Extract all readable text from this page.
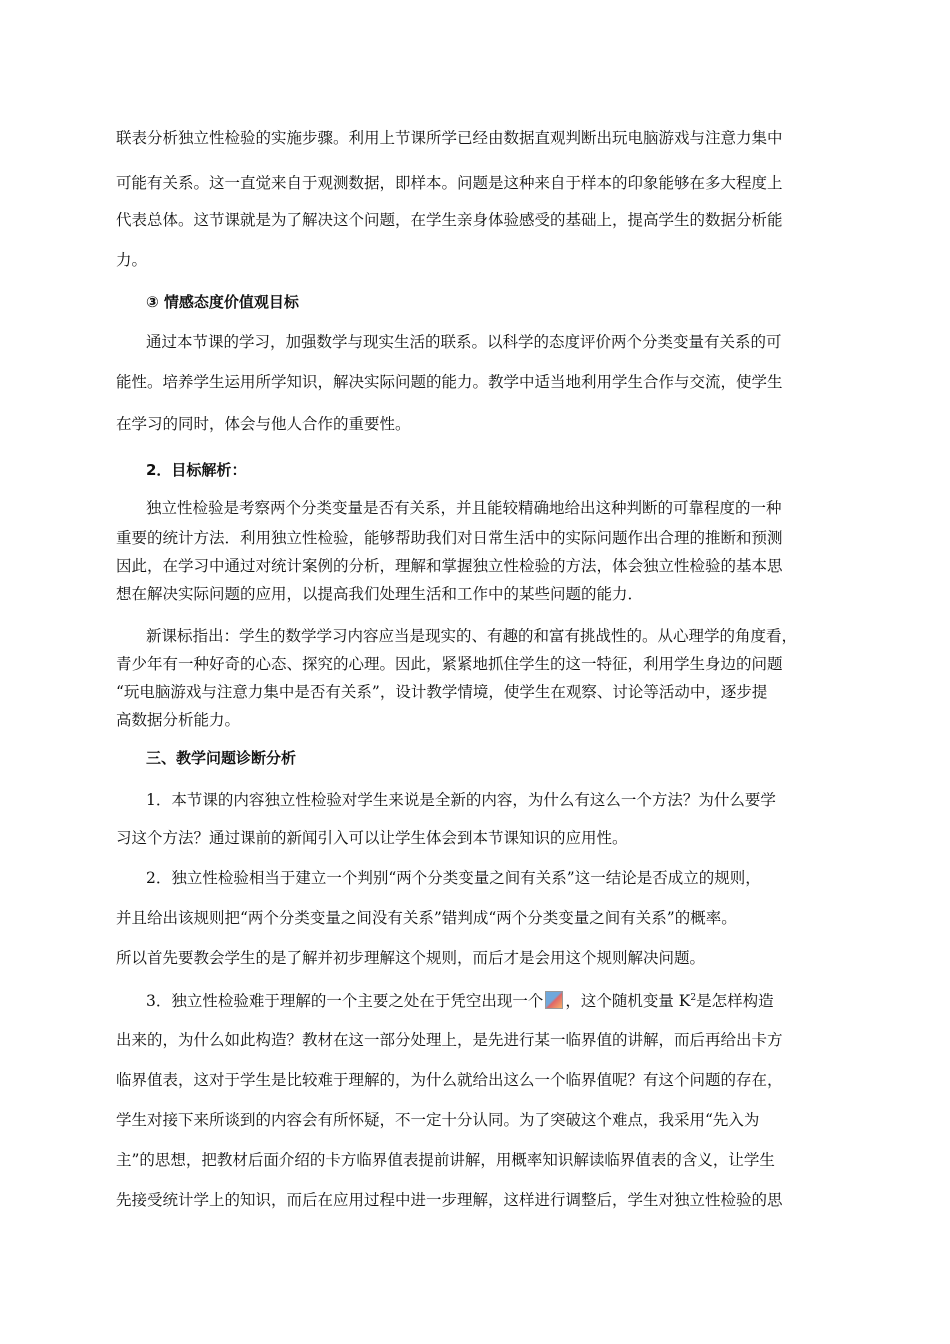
联表分析独立性检验的实施步骤。利用上节课所学已经由数据直观判断出玩电脑游戏与注意力集中
可能有关系。这一直觉来自于观测数据，即样本。问题是这种来自于样本的印象能够在多大程度上
代表总体。这节课就是为了解决这个问题，在学生亲身体验感受的基础上，提高学生的数据分析能
力。
③ 情感态度价值观目标
通过本节课的学习，加强数学与现实生活的联系。以科学的态度评价两个分类变量有关系的可
能性。培养学生运用所学知识，解决实际问题的能力。教学中适当地利用学生合作与交流，使学生
在学习的同时，体会与他人合作的重要性。
2．目标解析：
独立性检验是考察两个分类变量是否有关系，并且能较精确地给出这种判断的可靠程度的一种
重要的统计方法．利用独立性检验，能够帮助我们对日常生活中的实际问题作出合理的推断和预测
因此，在学习中通过对统计案例的分析，理解和掌握独立性检验的方法，体会独立性检验的基本思
想在解决实际问题的应用，以提高我们处理生活和工作中的某些问题的能力．
新课标指出：学生的数学学习内容应当是现实的、有趣的和富有挑战性的。从心理学的角度看，
青少年有一种好奇的心态、探究的心理。因此，紧紧地抓住学生的这一特征，利用学生身边的问题
“玩电脑游戏与注意力集中是否有关系”，设计教学情境，使学生在观察、讨论等活动中，逐步提
高数据分析能力。
三、教学问题诊断分析
1．本节课的内容独立性检验对学生来说是全新的内容，为什么有这么一个方法？为什么要学
习这个方法？通过课前的新闻引入可以让学生体会到本节课知识的应用性。
2．独立性检验相当于建立一个判别“两个分类变量之间有关系”这一结论是否成立的规则，
并且给出该规则把“两个分类变量之间没有关系”错判成“两个分类变量之间有关系”的概率。
所以首先要教会学生的是了解并初步理解这个规则，而后才是会用这个规则解决问题。
3．独立性检验难于理解的一个主要之处在于凭空出现一个 ，这个随机变量 $K^2$是怎样构造
出来的，为什么如此构造？教材在这一部分处理上，是先进行某一临界值的讲解，而后再给出卡方
临界值表，这对于学生是比较难于理解的，为什么就给出这么一个临界值呢？有这个问题的存在，
学生对接下来所谈到的内容会有所怀疑，不一定十分认同。为了突破这个难点，我采用“先入为
主”的思想，把教材后面介绍的卡方临界值表提前讲解，用概率知识解读临界值表的含义，让学生
先接受统计学上的知识，而后在应用过程中进一步理解，这样进行调整后，学生对独立性检验的思
